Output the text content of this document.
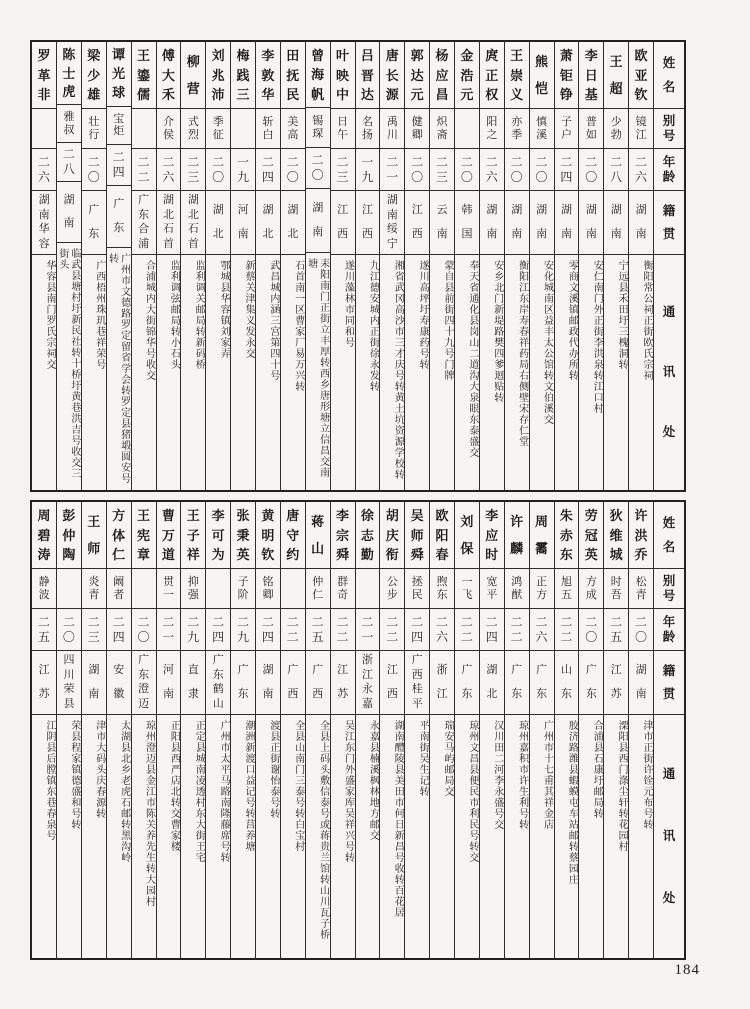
姓
名
别
号
年
龄
籍
贯
通
讯
处
欧
亚
钦
镜
江
二
六
湖
南
衡阳常公祠正街欧氏宗祠
王
超
少
勃
二
八
湖
南
宁远县禾田圩三槐洞转
李
日
基
普
如
二
〇
湖
南
安仁南门外正街李洪泉转江口村
萧
钜
铮
子
户
二
四
湖
南
零商文溪镇邮政代办所转
熊
恺
慎
溪
二
〇
湖
南
安化城南区益丰太公馆转文伯溪交
王
崇
义
亦
季
二
〇
湖
南
衡阳江东岸寿春祥药局右侧壁宋存仁堂
庹
正
权
阳
之
二
六
湖
南
安乡北门新堤路樊四爹迴贴转
金
浩
元
二
〇
韩
国
奉天省通化县岗山二道沟大泉眼东泰盛交
杨
应
昌
炽
斋
二
三
云
南
蒙自县前街四十九号门牌
郭
达
元
健
卿
二
〇
江
西
遂川高坪圩寿康药号转
唐
长
源
禹
川
二
一
湖
南
绥
宁
湘省武冈高沙市三才庆号转黄土坑资源学校转
吕
晋
达
名
扬
一
九
江
西
九江德安城内正街徐永发转
叶
映
中
日
午
二
三
江
西
遂川藻林市同和号
曾
海
帆
锡
琛
二
〇
湖
南
耒阳南门正街立丰厚转西乡唐形塘立信昌交南塘
田
抚
民
美
高
二
〇
湖
北
石首南一区曹家厂易万兴转
李
敦
华
斩
白
二
四
湖
北
武昌城内涵三宫第四十号
梅
践
三
一
九
河
南
新蔡关津集义发永交
刘
兆
沛
季
征
二
〇
湖
北
鄂城县华容镇刘家弄
柳
营
式
烈
二
三
湖
北
石
首
监利调关邮局转新码桥
傅
大
禾
介
侯
二
六
湖
北
石
首
监利调弦邮局转小石头
王
鎏
儒
二
二
广
东
合
浦
合浦城内大街锦华号收交
谭
光
球
宝
炬
二
四
广
东
广州市文德路罗定留省学会转罗定县猪塅圆安号转
梁
少
雄
壮
行
二
〇
广
东
广西梧州珠玑巷祥荣号
陈
士
虎
雅
叔
二
八
湖
南
临武县塘村圩新民社转十桥圩黄巷洪吉号收交三街头
罗
革
非
二
六
湖
南
华
容
华容县南门罗氏宗祠交
姓
名
别
号
年
龄
籍
贯
通
讯
处
许
洪
乔
松
青
二
〇
湖
南
津市正街许铨元布号转
狄
维
城
时
吾
二
五
江
苏
溧阳县西门涤尘轩转花园村
劳
冠
英
方
成
二
〇
广
东
合浦县石康圩邮局转
朱
赤
东
旭
五
二
二
山
东
胶济路潍县蝦蟆屯车站邮转蔡园庄
周
霱
正
方
二
六
广
东
广州市十七甫其祥金店
许
麟
鸿
猷
二
二
广
东
琼州嘉积市许生利号转
李
应
时
宽
平
二
四
湖
北
汉川田二河李永盛号交
刘
保
一
飞
二
二
广
东
琼州文昌县便民市利民号转交
欧
阳
春
煦
东
二
六
浙
江
瑞安马屿邮局交
吴
师
舜
拯
民
二
四
广
西
桂
平
平南街吴生记转
胡
庆
衔
公
步
二
二
江
西
湖南醴陵县美田市何日新昌号收转百花居
徐
志
勤
二
一
浙
江
永
嘉
永嘉县楠溪枫林地方邮交
李
宗
舜
群
奇
二
二
江
苏
吴江东门外盛家库吴祥兴号转
蒋
山
仲
仁
二
五
广
西
全县上码头敷信泰号或蒋贵兰馆转山川瓦子桥
唐
守
约
二
二
广
西
全县山南门三泰号转白宝村
黄
明
钦
铭
卿
二
四
湖
南
渡县正街谢怡泰号转
张
秉
英
子
阶
二
九
广
东
潮洲新渡口益记号转莒养塘
李
可
为
二
四
广
东
鹤
山
广州市太平马路南隆藤席号转
王
子
祥
抑
强
二
九
直
隶
正定县城南凌透村东大街王宅
曹
万
道
贯
一
二
一
河
南
正阳县西严店北转交曹家楼
王
宪
章
二
〇
广
东
澄
迈
琼州澄迈县金江市陈关养先生转大园村
方
体
仁
阚
者
二
四
安
徽
太湖县北乡老虎石邮转黑沟岭
王
师
炎
青
二
三
湖
南
津市大码头庆春源转
彭
仲
陶
二
〇
四
川
荣
县
荣县程家镇德盛和号转
周
碧
涛
静
波
二
五
江
苏
江阴县后膛镇东巷春泉号
184
